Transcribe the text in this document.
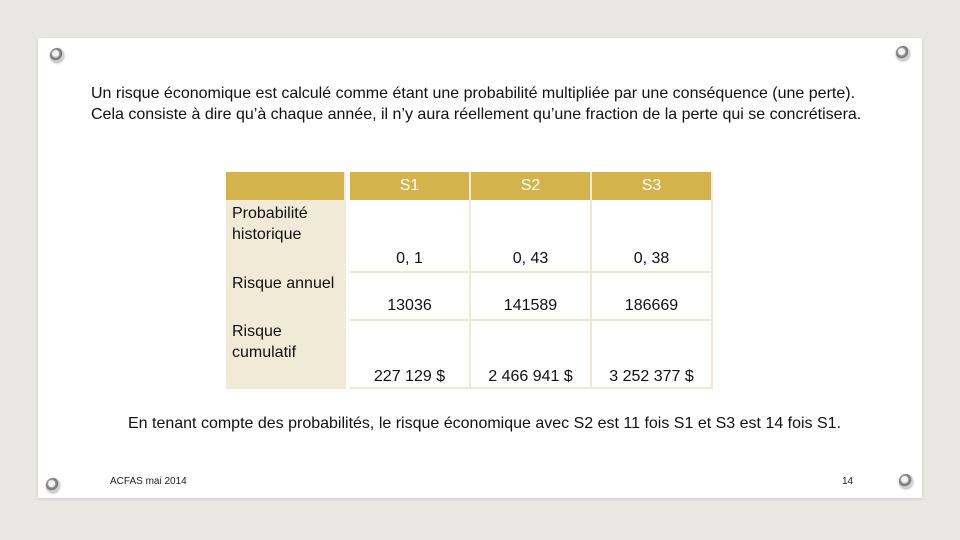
Un risque économique est calculé comme étant une probabilité multipliée par une conséquence (une perte). Cela consiste à dire qu’à chaque année, il n’y aura réellement qu’une fraction de la perte qui se concrétisera.

		S1	S2	S3
Probabilité historique		0, 1	0, 43	0, 38
Risque annuel		13036	141589	186669
Risque cumulatif		227 129 $	2 466 941 $	3 252 377 $

En tenant compte des probabilités, le risque économique avec S2 est 11 fois S1 et S3 est 14 fois S1.

ACFAS mai 2014	14
